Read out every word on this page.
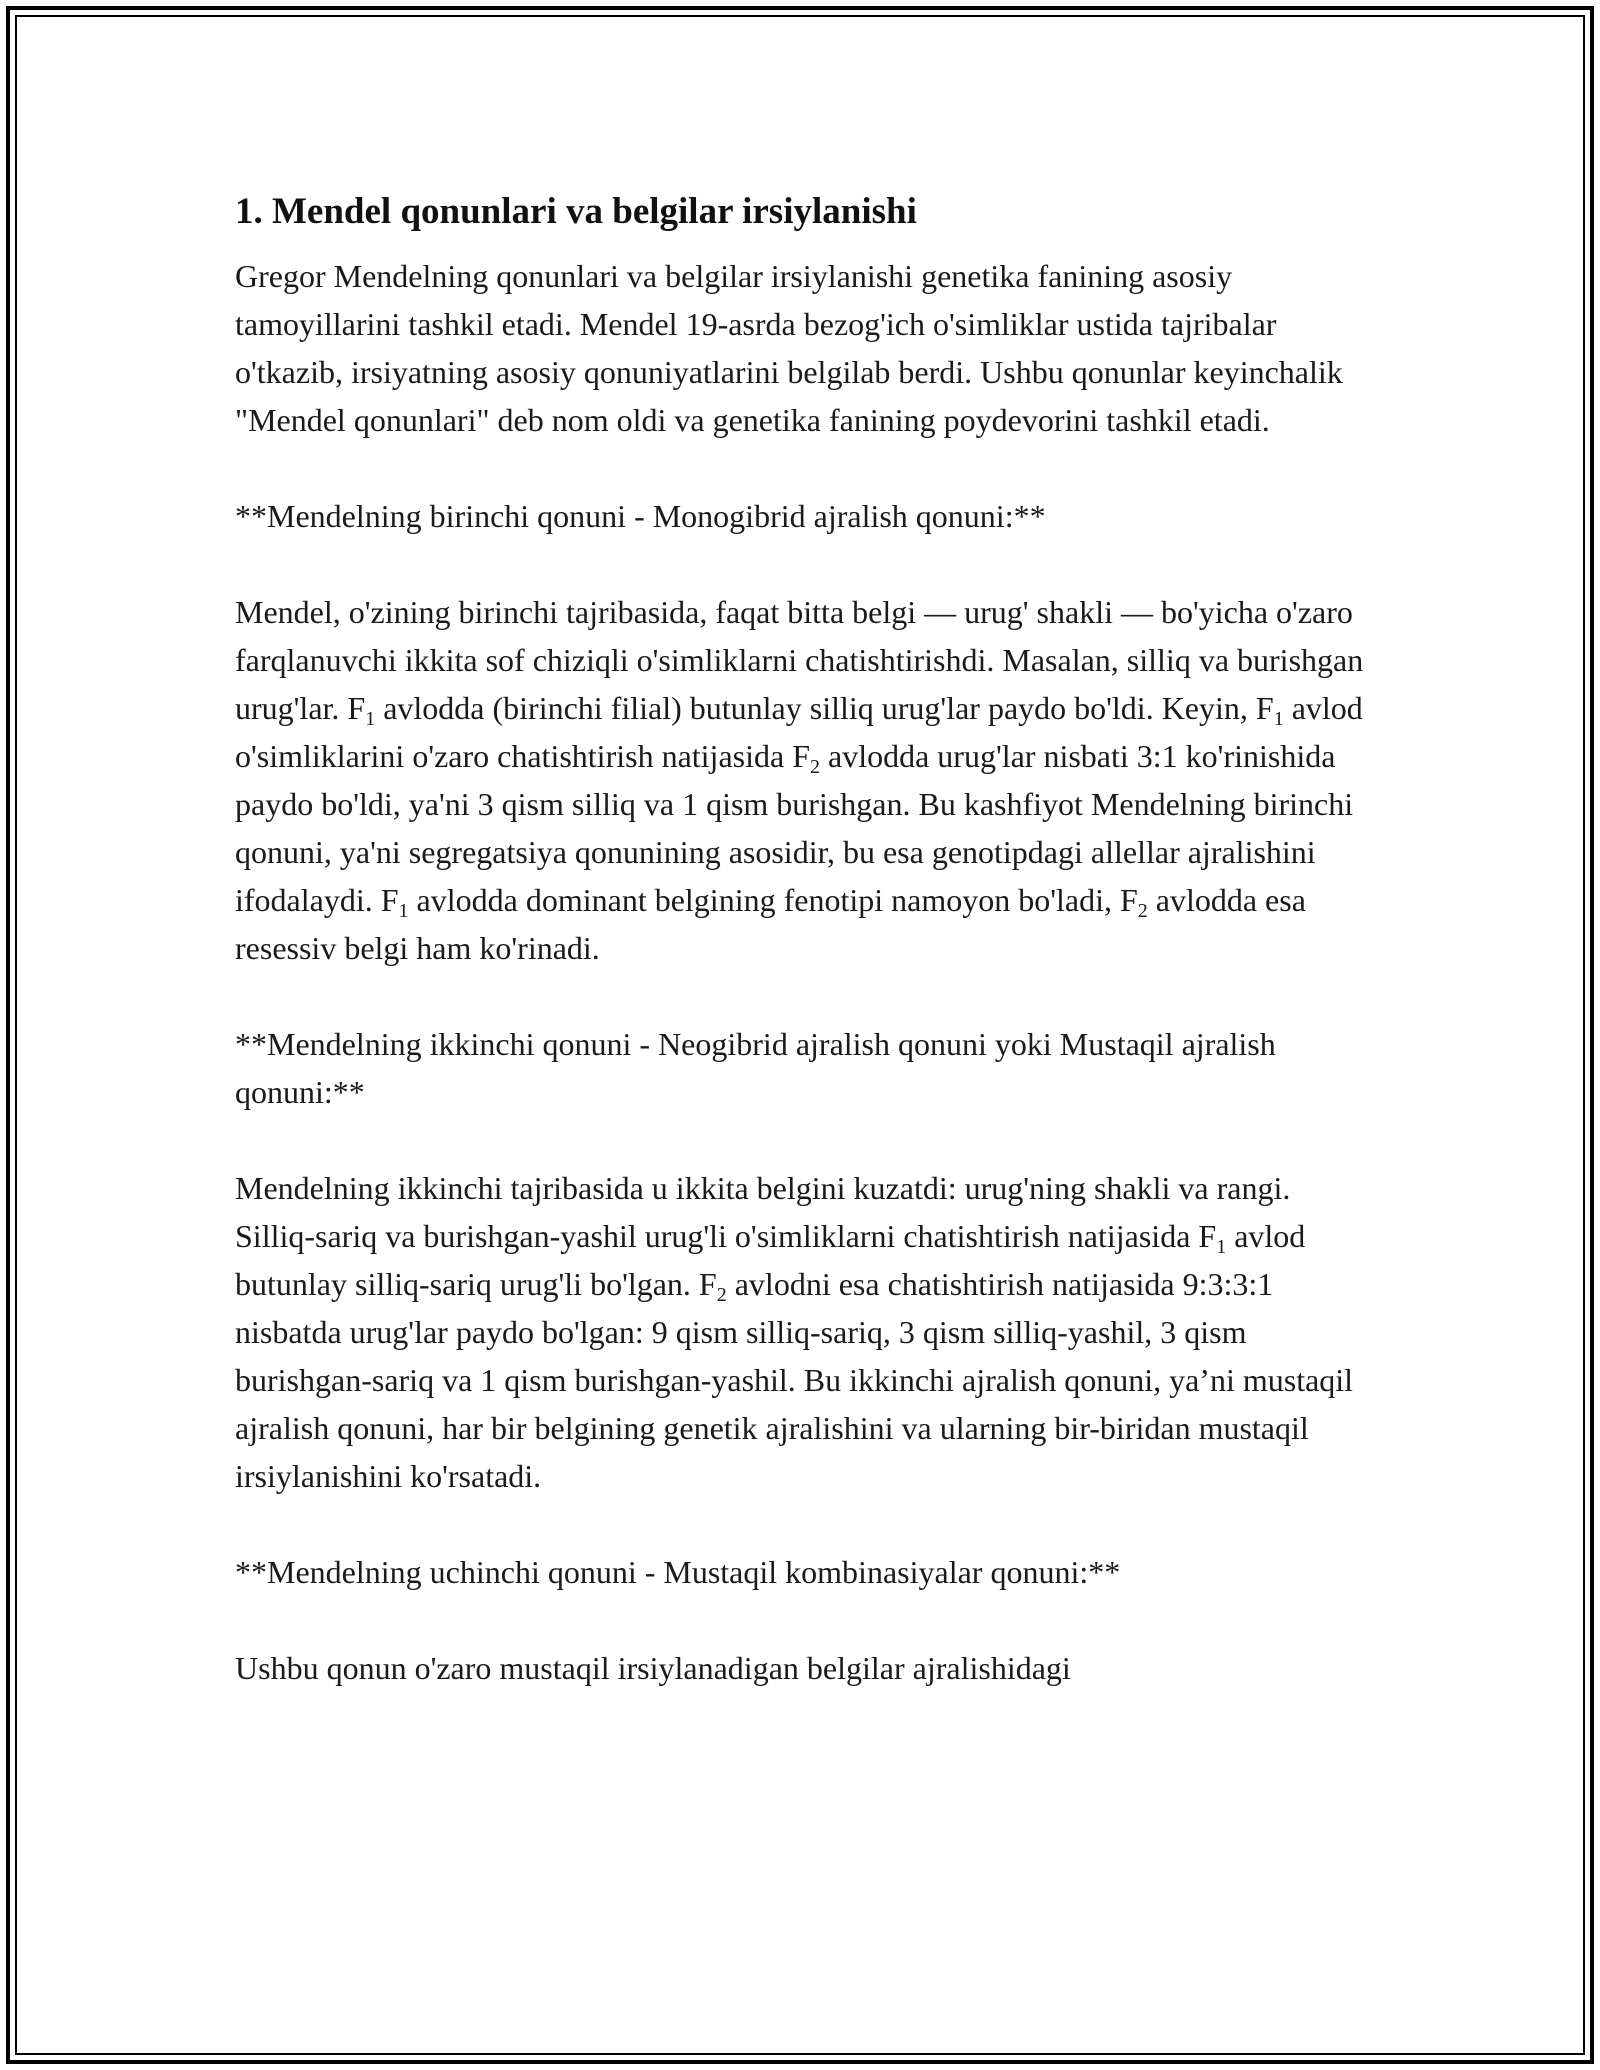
1. Mendel qonunlari va belgilar irsiylanishi

Gregor Mendelning qonunlari va belgilar irsiylanishi genetika fanining asosiy tamoyillarini tashkil etadi. Mendel 19-asrda bezog'ich o'simliklar ustida tajribalar o'tkazib, irsiyatning asosiy qonuniyatlarini belgilab berdi. Ushbu qonunlar keyinchalik "Mendel qonunlari" deb nom oldi va genetika fanining poydevorini tashkil etadi.

**Mendelning birinchi qonuni - Monogibrid ajralish qonuni:**

Mendel, o'zining birinchi tajribasida, faqat bitta belgi — urug' shakli — bo'yicha o'zaro farqlanuvchi ikkita sof chiziqli o'simliklarni chatishtirishdi. Masalan, silliq va burishgan urug'lar. $F_1$ avlodda (birinchi filial) butunlay silliq urug'lar paydo bo'ldi. Keyin, $F_1$ avlod o'simliklarini o'zaro chatishtirish natijasida $F_2$ avlodda urug'lar nisbati 3:1 ko'rinishida paydo bo'ldi, ya'ni 3 qism silliq va 1 qism burishgan. Bu kashfiyot Mendelning birinchi qonuni, ya'ni segregatsiya qonunining asosidir, bu esa genotipdagi allellar ajralishini ifodalaydi. $F_1$ avlodda dominant belgining fenotipi namoyon bo'ladi, $F_2$ avlodda esa resessiv belgi ham ko'rinadi.

**Mendelning ikkinchi qonuni - Neogibrid ajralish qonuni yoki Mustaqil ajralish qonuni:**

Mendelning ikkinchi tajribasida u ikkita belgini kuzatdi: urug'ning shakli va rangi. Silliq-sariq va burishgan-yashil urug'li o'simliklarni chatishtirish natijasida $F_1$ avlod butunlay silliq-sariq urug'li bo'lgan. $F_2$ avlodni esa chatishtirish natijasida 9:3:3:1 nisbatda urug'lar paydo bo'lgan: 9 qism silliq-sariq, 3 qism silliq-yashil, 3 qism burishgan-sariq va 1 qism burishgan-yashil. Bu ikkinchi ajralish qonuni, ya’ni mustaqil ajralish qonuni, har bir belgining genetik ajralishini va ularning bir-biridan mustaqil irsiylanishini ko'rsatadi.

**Mendelning uchinchi qonuni - Mustaqil kombinasiyalar qonuni:**

Ushbu qonun o'zaro mustaqil irsiylanadigan belgilar ajralishidagi
